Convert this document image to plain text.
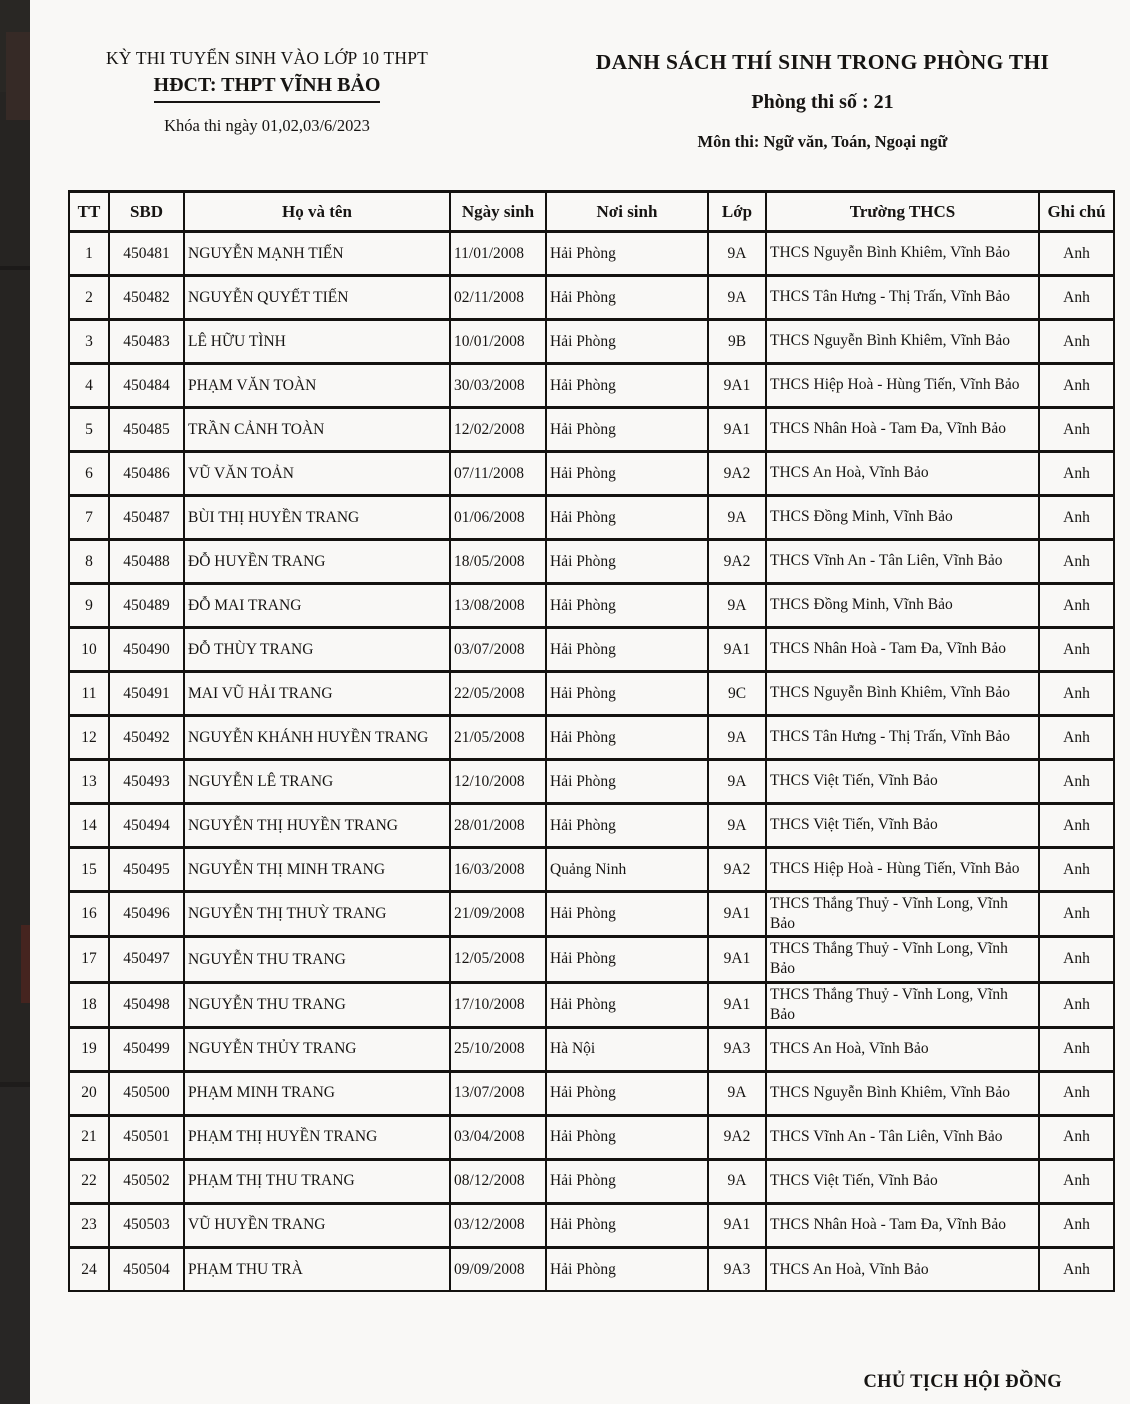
KỲ THI TUYỂN SINH VÀO LỚP 10 THPT
HĐCT: THPT VĨNH BẢO
Khóa thi ngày 01,02,03/6/2023
DANH SÁCH THÍ SINH TRONG PHÒNG THI
Phòng thi số : 21
Môn thi: Ngữ văn, Toán, Ngoại ngữ
TT	SBD	Họ và tên	Ngày sinh	Nơi sinh	Lớp	Trường THCS	Ghi chú
1	450481	NGUYỄN MẠNH TIẾN	11/01/2008	Hải Phòng	9A	THCS Nguyễn Bình Khiêm, Vĩnh Bảo	Anh
2	450482	NGUYỄN QUYẾT TIẾN	02/11/2008	Hải Phòng	9A	THCS Tân Hưng - Thị Trấn, Vĩnh Bảo	Anh
3	450483	LÊ HỮU TÌNH	10/01/2008	Hải Phòng	9B	THCS Nguyễn Bình Khiêm, Vĩnh Bảo	Anh
4	450484	PHẠM VĂN TOÀN	30/03/2008	Hải Phòng	9A1	THCS Hiệp Hoà - Hùng Tiến, Vĩnh Bảo	Anh
5	450485	TRẦN CẢNH TOÀN	12/02/2008	Hải Phòng	9A1	THCS Nhân Hoà - Tam Đa, Vĩnh Bảo	Anh
6	450486	VŨ VĂN TOẢN	07/11/2008	Hải Phòng	9A2	THCS An Hoà, Vĩnh Bảo	Anh
7	450487	BÙI THỊ HUYỀN TRANG	01/06/2008	Hải Phòng	9A	THCS Đồng Minh, Vĩnh Bảo	Anh
8	450488	ĐỖ HUYỀN TRANG	18/05/2008	Hải Phòng	9A2	THCS Vĩnh An - Tân Liên, Vĩnh Bảo	Anh
9	450489	ĐỖ MAI TRANG	13/08/2008	Hải Phòng	9A	THCS Đồng Minh, Vĩnh Bảo	Anh
10	450490	ĐỖ THÙY TRANG	03/07/2008	Hải Phòng	9A1	THCS Nhân Hoà - Tam Đa, Vĩnh Bảo	Anh
11	450491	MAI VŨ HẢI TRANG	22/05/2008	Hải Phòng	9C	THCS Nguyễn Bình Khiêm, Vĩnh Bảo	Anh
12	450492	NGUYỄN KHÁNH HUYỀN TRANG	21/05/2008	Hải Phòng	9A	THCS Tân Hưng - Thị Trấn, Vĩnh Bảo	Anh
13	450493	NGUYỄN LÊ TRANG	12/10/2008	Hải Phòng	9A	THCS Việt Tiến, Vĩnh Bảo	Anh
14	450494	NGUYỄN THỊ HUYỀN TRANG	28/01/2008	Hải Phòng	9A	THCS Việt Tiến, Vĩnh Bảo	Anh
15	450495	NGUYỄN THỊ MINH TRANG	16/03/2008	Quảng Ninh	9A2	THCS Hiệp Hoà - Hùng Tiến, Vĩnh Bảo	Anh
16	450496	NGUYỄN THỊ THUỲ TRANG	21/09/2008	Hải Phòng	9A1	THCS Thắng Thuỷ - Vĩnh Long, Vĩnh Bảo	Anh
17	450497	NGUYỄN THU TRANG	12/05/2008	Hải Phòng	9A1	THCS Thắng Thuỷ - Vĩnh Long, Vĩnh Bảo	Anh
18	450498	NGUYỄN THU TRANG	17/10/2008	Hải Phòng	9A1	THCS Thắng Thuỷ - Vĩnh Long, Vĩnh Bảo	Anh
19	450499	NGUYỄN THỦY TRANG	25/10/2008	Hà Nội	9A3	THCS An Hoà, Vĩnh Bảo	Anh
20	450500	PHẠM MINH TRANG	13/07/2008	Hải Phòng	9A	THCS Nguyễn Bình Khiêm, Vĩnh Bảo	Anh
21	450501	PHẠM THỊ HUYỀN TRANG	03/04/2008	Hải Phòng	9A2	THCS Vĩnh An - Tân Liên, Vĩnh Bảo	Anh
22	450502	PHẠM THỊ THU TRANG	08/12/2008	Hải Phòng	9A	THCS Việt Tiến, Vĩnh Bảo	Anh
23	450503	VŨ HUYỀN TRANG	03/12/2008	Hải Phòng	9A1	THCS Nhân Hoà - Tam Đa, Vĩnh Bảo	Anh
24	450504	PHẠM THU TRÀ	09/09/2008	Hải Phòng	9A3	THCS An Hoà, Vĩnh Bảo	Anh
CHỦ TỊCH HỘI ĐỒNG
